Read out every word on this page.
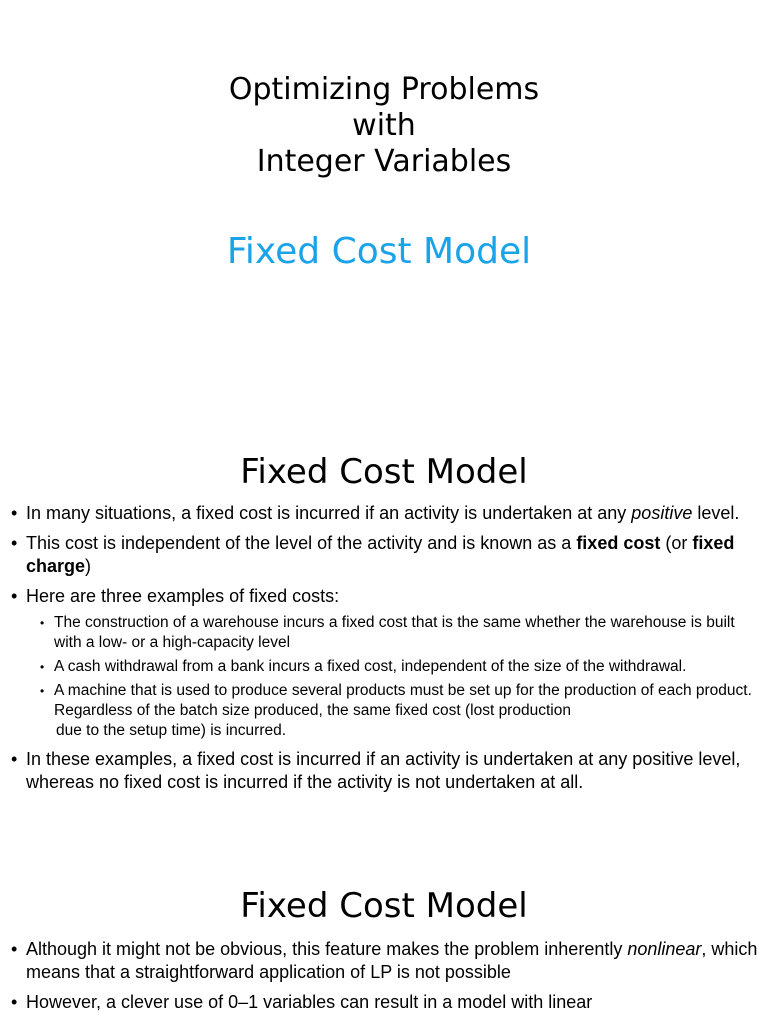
Optimizing Problems
with
Integer Variables
Fixed Cost Model
Fixed Cost Model
• In many situations, a fixed cost is incurred if an activity is undertaken at any positive level.
• This cost is independent of the level of the activity and is known as a fixed cost (or fixed charge)
• Here are three examples of fixed costs:
• The construction of a warehouse incurs a fixed cost that is the same whether the warehouse is built with a low- or a high-capacity level
• A cash withdrawal from a bank incurs a fixed cost, independent of the size of the withdrawal.
• A machine that is used to produce several products must be set up for the production of each product. Regardless of the batch size produced, the same fixed cost (lost production
due to the setup time) is incurred.
• In these examples, a fixed cost is incurred if an activity is undertaken at any positive level, whereas no fixed cost is incurred if the activity is not undertaken at all.
Fixed Cost Model
• Although it might not be obvious, this feature makes the problem inherently nonlinear, which means that a straightforward application of LP is not possible
• However, a clever use of 0–1 variables can result in a model with linear
